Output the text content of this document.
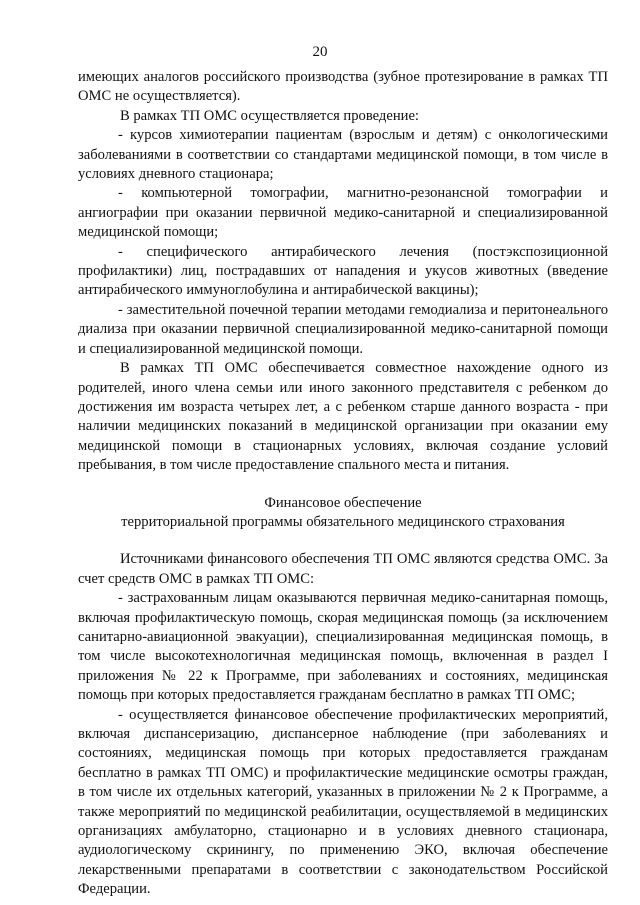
20

имеющих аналогов российского производства (зубное протезирование в рамках ТП ОМС не осуществляется).

В рамках ТП ОМС осуществляется проведение:

- курсов химиотерапии пациентам (взрослым и детям) с онкологическими заболеваниями в соответствии со стандартами медицинской помощи, в том числе в условиях дневного стационара;

- компьютерной томографии, магнитно-резонансной томографии и ангиографии при оказании первичной медико-санитарной и специализированной медицинской помощи;

- специфического антирабического лечения (постэкспозиционной профилактики) лиц, пострадавших от нападения и укусов животных (введение антирабического иммуноглобулина и антирабической вакцины);

- заместительной почечной терапии методами гемодиализа и перитонеального диализа при оказании первичной специализированной медико-санитарной помощи и специализированной медицинской помощи.

В рамках ТП ОМС обеспечивается совместное нахождение одного из родителей, иного члена семьи или иного законного представителя с ребенком до достижения им возраста четырех лет, а с ребенком старше данного возраста - при наличии медицинских показаний в медицинской организации при оказании ему медицинской помощи в стационарных условиях, включая создание условий пребывания, в том числе предоставление спального места и питания.

Финансовое обеспечение

территориальной программы обязательного медицинского страхования

Источниками финансового обеспечения ТП ОМС являются средства ОМС. За счет средств ОМС в рамках ТП ОМС:

- застрахованным лицам оказываются первичная медико-санитарная помощь, включая профилактическую помощь, скорая медицинская помощь (за исключением санитарно-авиационной эвакуации), специализированная медицинская помощь, в том числе высокотехнологичная медицинская помощь, включенная в раздел I приложения № 22 к Программе, при заболеваниях и состояниях, медицинская помощь при которых предоставляется гражданам бесплатно в рамках ТП ОМС;

- осуществляется финансовое обеспечение профилактических мероприятий, включая диспансеризацию, диспансерное наблюдение (при заболеваниях и состояниях, медицинская помощь при которых предоставляется гражданам бесплатно в рамках ТП ОМС) и профилактические медицинские осмотры граждан, в том числе их отдельных категорий, указанных в приложении № 2 к Программе, а также мероприятий по медицинской реабилитации, осуществляемой в медицинских организациях амбулаторно, стационарно и в условиях дневного стационара, аудиологическому скринингу, по применению ЭКО, включая обеспечение лекарственными препаратами в соответствии с законодательством Российской Федерации.
